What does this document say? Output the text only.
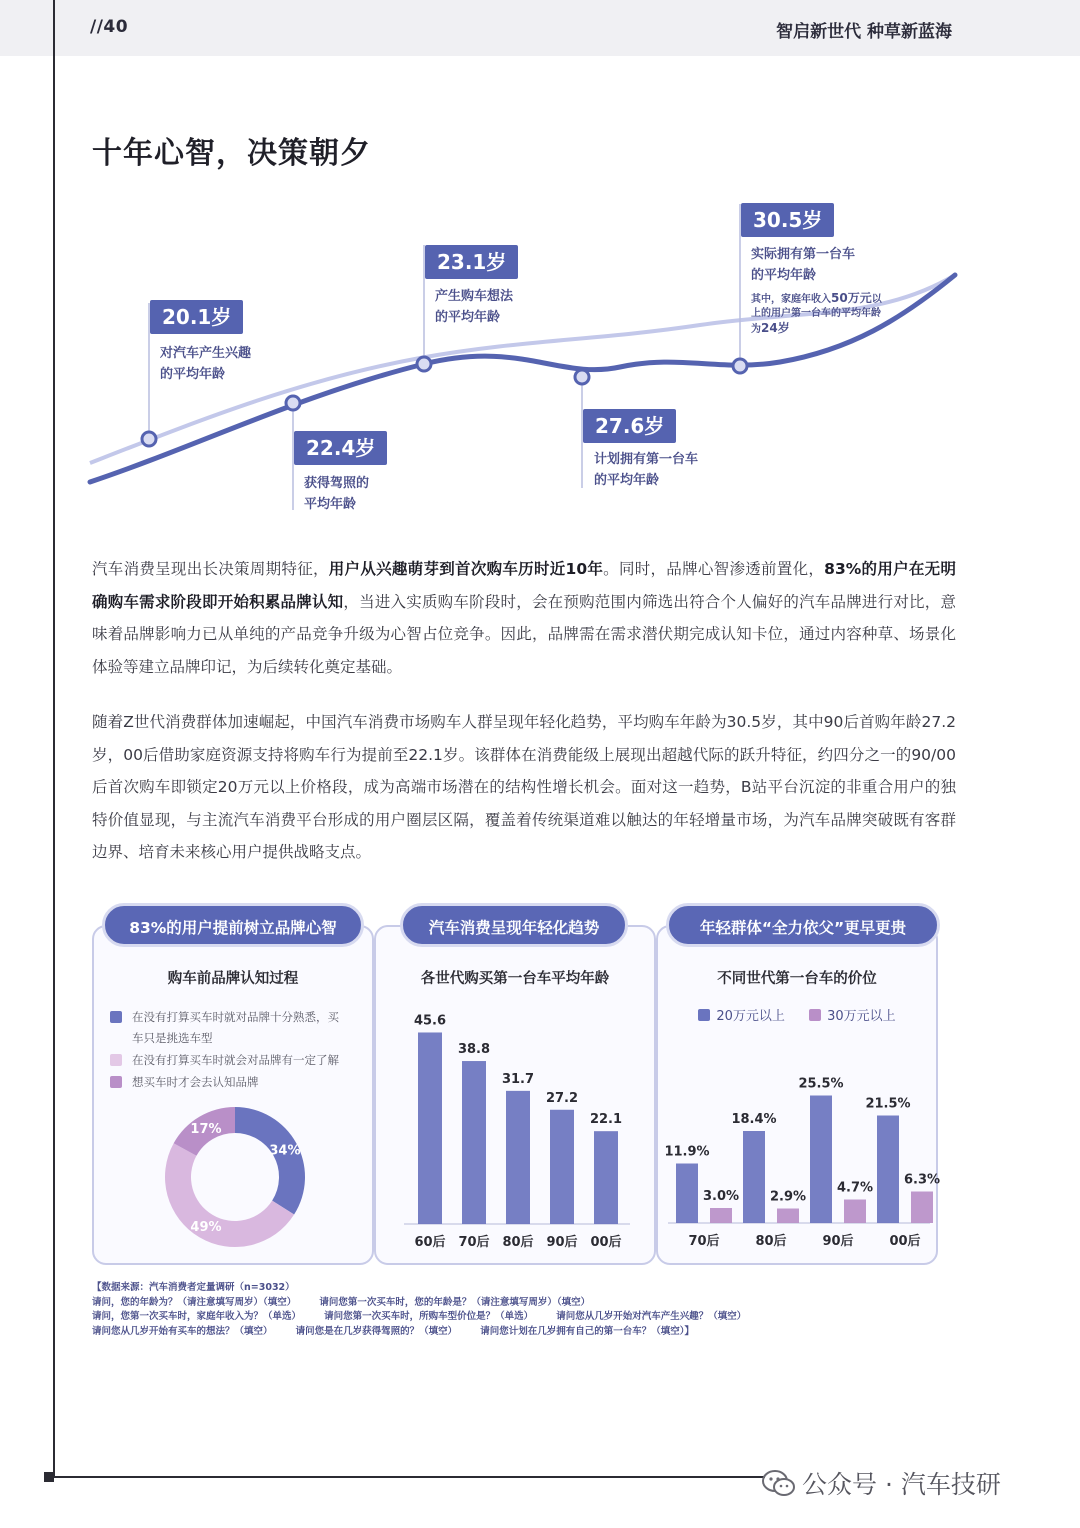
//40	智启新世代 种草新蓝海
十年心智，决策朝夕
20.1岁
对汽车产生兴趣
的平均年龄
22.4岁
获得驾照的
平均年龄
23.1岁
产生购车想法
的平均年龄
27.6岁
计划拥有第一台车
的平均年龄
30.5岁
实际拥有第一台车
的平均年龄
其中，家庭年收入50万元以
上的用户第一台车的平均年龄
为24岁

汽车消费呈现出长决策周期特征，用户从兴趣萌芽到首次购车历时近10年。同时，品牌心智渗透前置化，83%的用户在无明确购车需求阶段即开始积累品牌认知，当进入实质购车阶段时，会在预购范围内筛选出符合个人偏好的汽车品牌进行对比，意味着品牌影响力已从单纯的产品竞争升级为心智占位竞争。因此，品牌需在需求潜伏期完成认知卡位，通过内容种草、场景化体验等建立品牌印记，为后续转化奠定基础。

随着Z世代消费群体加速崛起，中国汽车消费市场购车人群呈现年轻化趋势，平均购车年龄为30.5岁，其中90后首购年龄27.2岁，00后借助家庭资源支持将购车行为提前至22.1岁。该群体在消费能级上展现出超越代际的跃升特征，约四分之一的90/00后首次购车即锁定20万元以上价格段，成为高端市场潜在的结构性增长机会。面对这一趋势，B站平台沉淀的非重合用户的独特价值显现，与主流汽车消费平台形成的用户圈层区隔，覆盖着传统渠道难以触达的年轻增量市场，为汽车品牌突破既有客群边界、培育未来核心用户提供战略支点。

购车前品牌认知过程
在没有打算买车时就对品牌十分熟悉，买
车只是挑选车型
在没有打算买车时就会对品牌有一定了解
想买车时才会去认知品牌
34%
49%
17%
83%的用户提前树立品牌心智
各世代购买第一台车平均年龄
45.6
60后
38.8
70后
31.7
80后
27.2
90后
22.1
00后
汽车消费呈现年轻化趋势
不同世代第一台车的价位
20万元以上	30万元以上
11.9%
3.0%
70后
18.4%
2.9%
80后
25.5%
4.7%
90后
21.5%
6.3%
00后
年轻群体“全力依父”更早更贵
【数据来源：汽车消费者定量调研（n=3032）
请问，您的年龄为？（请注意填写周岁）（填空）       请问您第一次买车时，您的年龄是？（请注意填写周岁）（填空）
请问，您第一次买车时，家庭年收入为？（单选）       请问您第一次买车时，所购车型价位是？（单选）       请问您从几岁开始对汽车产生兴趣？（填空）
请问您从几岁开始有买车的想法？（填空）       请问您是在几岁获得驾照的？（填空）       请问您计划在几岁拥有自己的第一台车？（填空）】
公众号 · 汽车技研
